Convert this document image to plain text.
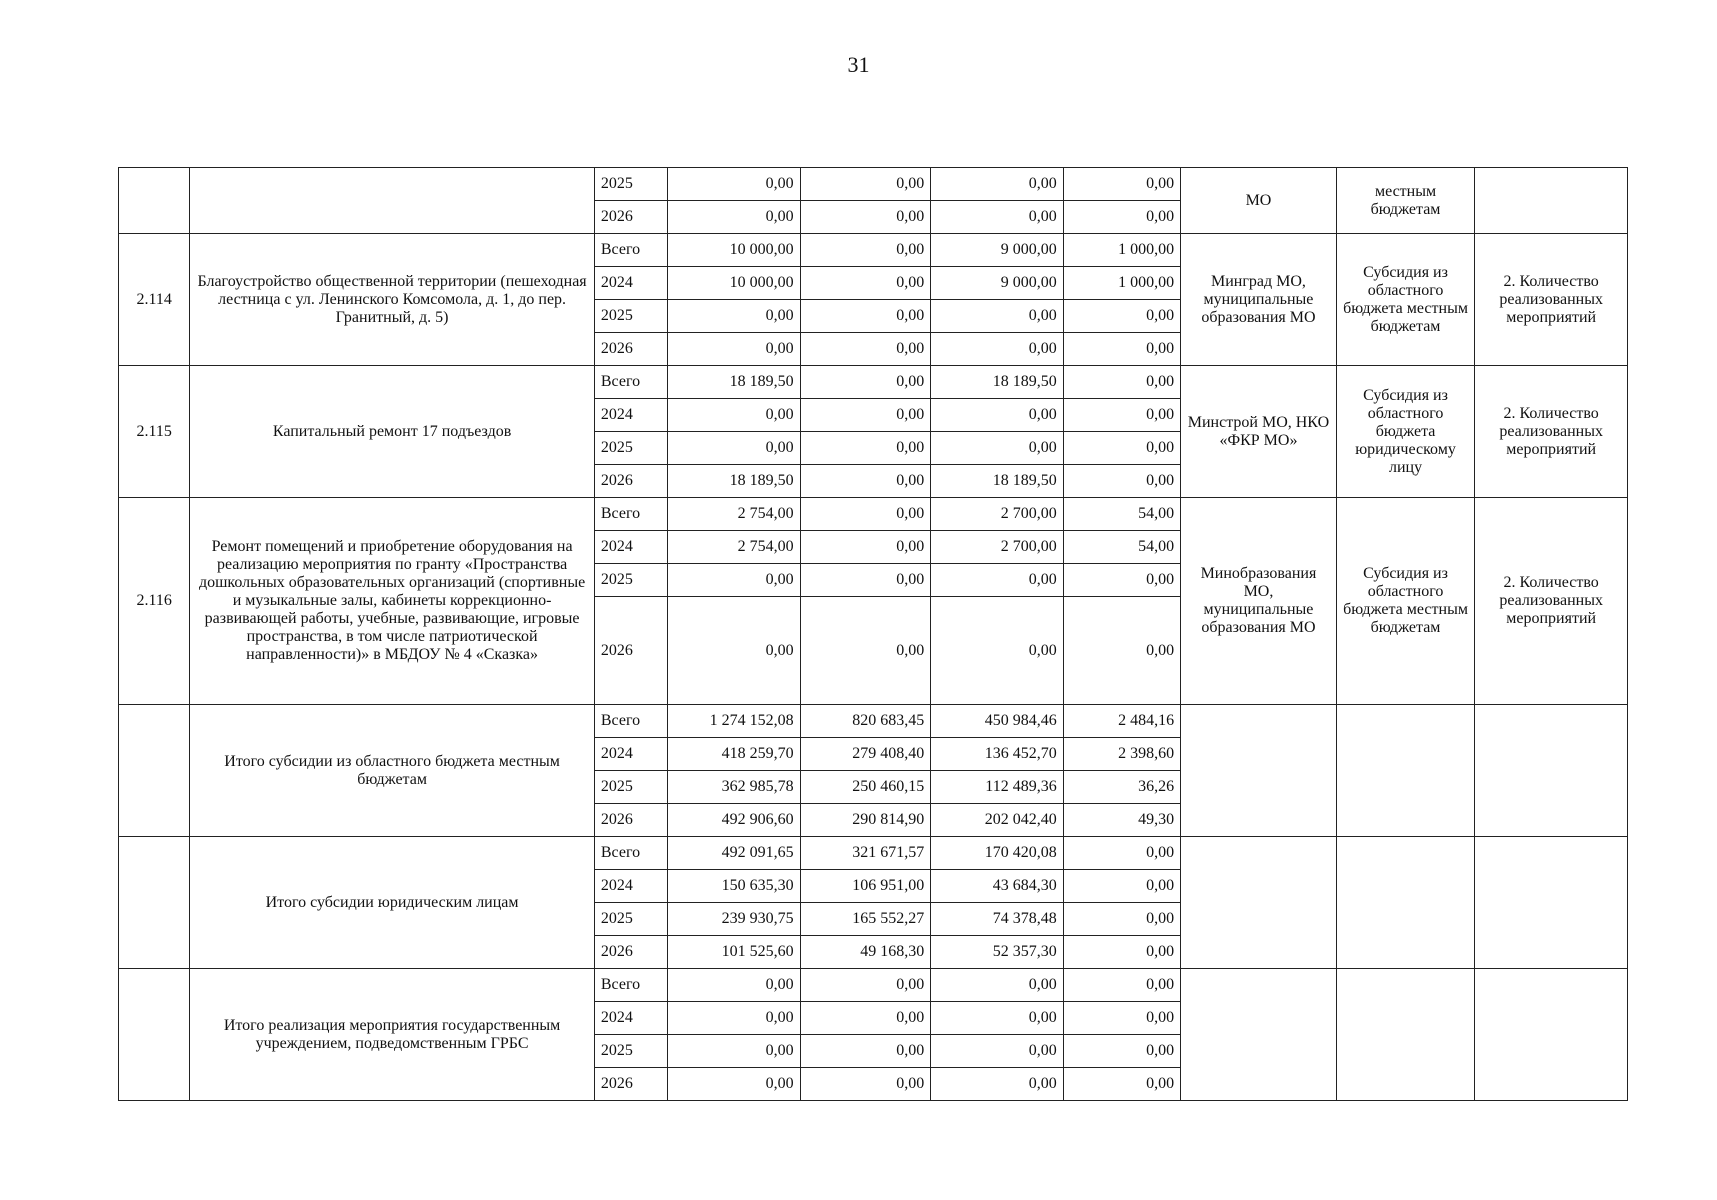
31
		2025	0,00	0,00	0,00	0,00	МО	местным бюджетам	
		2026	0,00	0,00	0,00	0,00			
2.114	Благоустройство общественной территории (пешеходная лестница с ул. Ленинского Комсомола, д. 1, до пер. Гранитный, д. 5)	Всего	10 000,00	0,00	9 000,00	1 000,00	Минград МО, муниципальные образования МО	Субсидия из областного бюджета местным бюджетам	2. Количество реализованных мероприятий
		2024	10 000,00	0,00	9 000,00	1 000,00			
		2025	0,00	0,00	0,00	0,00			
		2026	0,00	0,00	0,00	0,00			
2.115	Капитальный ремонт 17 подъездов	Всего	18 189,50	0,00	18 189,50	0,00	Минстрой МО, НКО «ФКР МО»	Субсидия из областного бюджета юридическому лицу	2. Количество реализованных мероприятий
		2024	0,00	0,00	0,00	0,00			
		2025	0,00	0,00	0,00	0,00			
		2026	18 189,50	0,00	18 189,50	0,00			
2.116	Ремонт помещений и приобретение оборудования на реализацию мероприятия по гранту «Пространства дошкольных образовательных организаций (спортивные и музыкальные залы, кабинеты коррекционно-развивающей работы, учебные, развивающие, игровые пространства, в том числе патриотической направленности)» в МБДОУ № 4 «Сказка»	Всего	2 754,00	0,00	2 700,00	54,00	Минобразования МО, муниципальные образования МО	Субсидия из областного бюджета местным бюджетам	2. Количество реализованных мероприятий
		2024	2 754,00	0,00	2 700,00	54,00			
		2025	0,00	0,00	0,00	0,00			
		2026	0,00	0,00	0,00	0,00			
	Итого субсидии из областного бюджета местным бюджетам	Всего	1 274 152,08	820 683,45	450 984,46	2 484,16			
		2024	418 259,70	279 408,40	136 452,70	2 398,60			
		2025	362 985,78	250 460,15	112 489,36	36,26			
		2026	492 906,60	290 814,90	202 042,40	49,30			
	Итого субсидии юридическим лицам	Всего	492 091,65	321 671,57	170 420,08	0,00			
		2024	150 635,30	106 951,00	43 684,30	0,00			
		2025	239 930,75	165 552,27	74 378,48	0,00			
		2026	101 525,60	49 168,30	52 357,30	0,00			
	Итого реализация мероприятия государственным учреждением, подведомственным ГРБС	Всего	0,00	0,00	0,00	0,00			
		2024	0,00	0,00	0,00	0,00			
		2025	0,00	0,00	0,00	0,00			
		2026	0,00	0,00	0,00	0,00			
